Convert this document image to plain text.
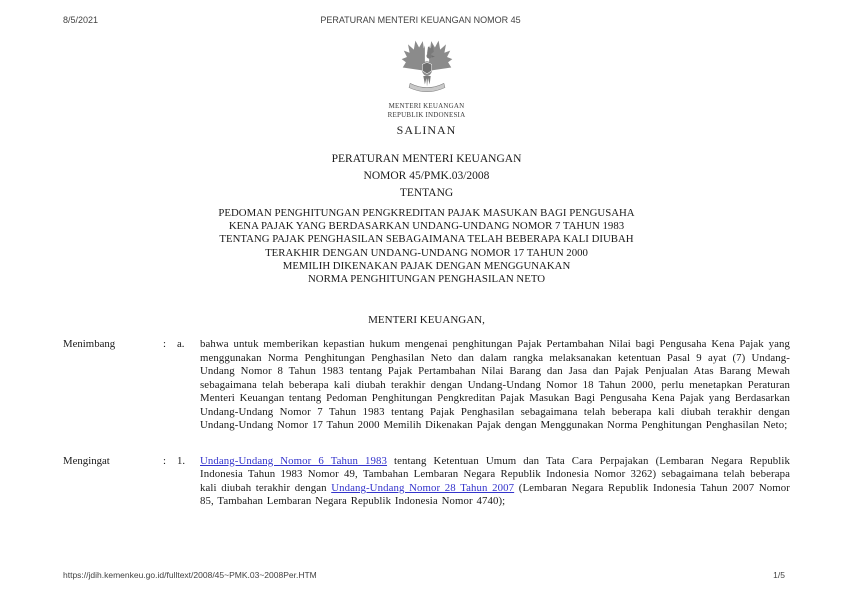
8/5/2021	PERATURAN MENTERI KEUANGAN NOMOR 45
MENTERI KEUANGAN
REPUBLIK INDONESIA
SALINAN
PERATURAN MENTERI KEUANGAN
NOMOR 45/PMK.03/2008
TENTANG
PEDOMAN PENGHITUNGAN PENGKREDITAN PAJAK MASUKAN BAGI PENGUSAHA
KENA PAJAK YANG BERDASARKAN UNDANG-UNDANG NOMOR 7 TAHUN 1983
TENTANG PAJAK PENGHASILAN SEBAGAIMANA TELAH BEBERAPA KALI DIUBAH
TERAKHIR DENGAN UNDANG-UNDANG NOMOR 17 TAHUN 2000
MEMILIH DIKENAKAN PAJAK DENGAN MENGGUNAKAN
NORMA PENGHITUNGAN PENGHASILAN NETO
MENTERI KEUANGAN,
Menimbang	:	a.	bahwa untuk memberikan kepastian hukum mengenai penghitungan Pajak Pertambahan Nilai bagi Pengusaha Kena Pajak yang menggunakan Norma Penghitungan Penghasilan Neto dan dalam rangka melaksanakan ketentuan Pasal 9 ayat (7) Undang-Undang Nomor 8 Tahun 1983 tentang Pajak Pertambahan Nilai Barang dan Jasa dan Pajak Penjualan Atas Barang Mewah sebagaimana telah beberapa kali diubah terakhir dengan Undang-Undang Nomor 18 Tahun 2000, perlu menetapkan Peraturan Menteri Keuangan tentang Pedoman Penghitungan Pengkreditan Pajak Masukan Bagi Pengusaha Kena Pajak yang Berdasarkan Undang-Undang Nomor 7 Tahun 1983 tentang Pajak Penghasilan sebagaimana telah beberapa kali diubah terakhir dengan Undang-Undang Nomor 17 Tahun 2000 Memilih Dikenakan Pajak dengan Menggunakan Norma Penghitungan Penghasilan Neto;
Mengingat	:	1.	Undang-Undang Nomor 6 Tahun 1983 tentang Ketentuan Umum dan Tata Cara Perpajakan (Lembaran Negara Republik Indonesia Tahun 1983 Nomor 49, Tambahan Lembaran Negara Republik Indonesia Nomor 3262) sebagaimana telah beberapa kali diubah terakhir dengan Undang-Undang Nomor 28 Tahun 2007 (Lembaran Negara Republik Indonesia Tahun 2007 Nomor 85, Tambahan Lembaran Negara Republik Indonesia Nomor 4740);
https://jdih.kemenkeu.go.id/fulltext/2008/45~PMK.03~2008Per.HTM	1/5
